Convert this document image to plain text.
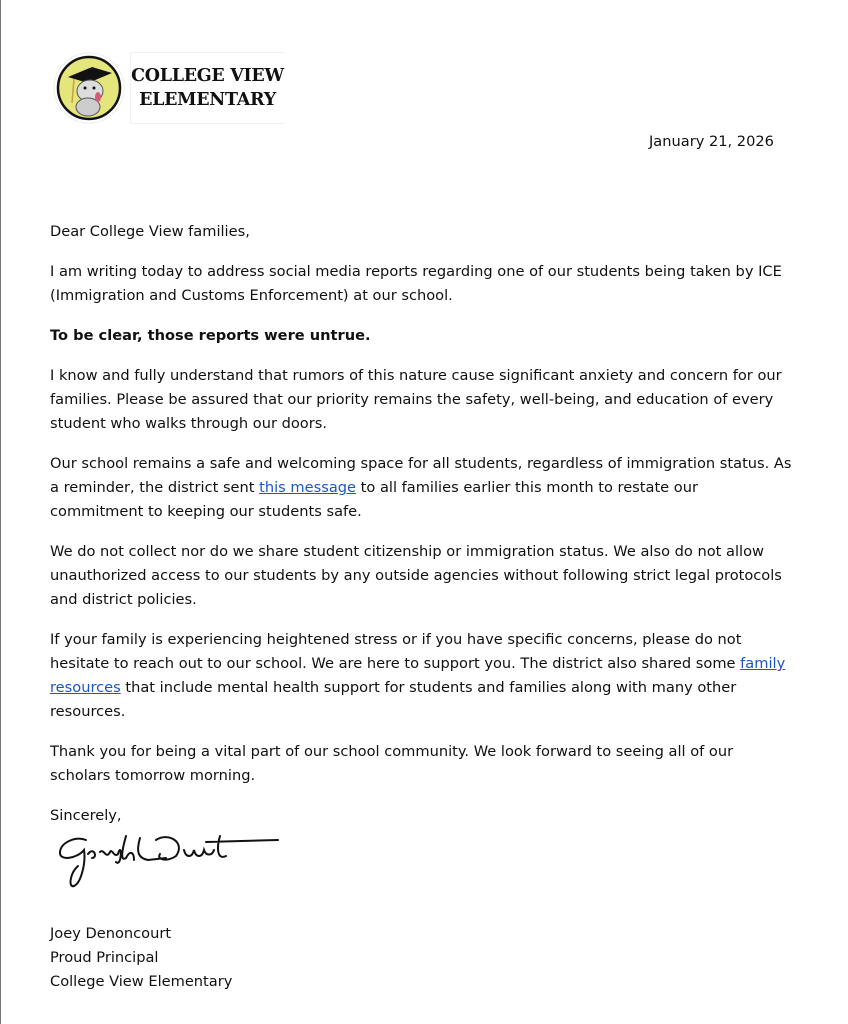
COLLEGE VIEW
ELEMENTARY
January 21, 2026

Dear College View families,

I am writing today to address social media reports regarding one of our students being taken by ICE (Immigration and Customs Enforcement) at our school.

To be clear, those reports were untrue.

I know and fully understand that rumors of this nature cause significant anxiety and concern for our families. Please be assured that our priority remains the safety, well-being, and education of every student who walks through our doors.

Our school remains a safe and welcoming space for all students, regardless of immigration status. As a reminder, the district sent this message to all families earlier this month to restate our commitment to keeping our students safe.

We do not collect nor do we share student citizenship or immigration status. We also do not allow unauthorized access to our students by any outside agencies without following strict legal protocols and district policies.

If your family is experiencing heightened stress or if you have specific concerns, please do not hesitate to reach out to our school. We are here to support you. The district also shared some family resources that include mental health support for students and families along with many other resources.

Thank you for being a vital part of our school community. We look forward to seeing all of our scholars tomorrow morning.

Sincerely,

Joey Denoncourt
Proud Principal
College View Elementary
